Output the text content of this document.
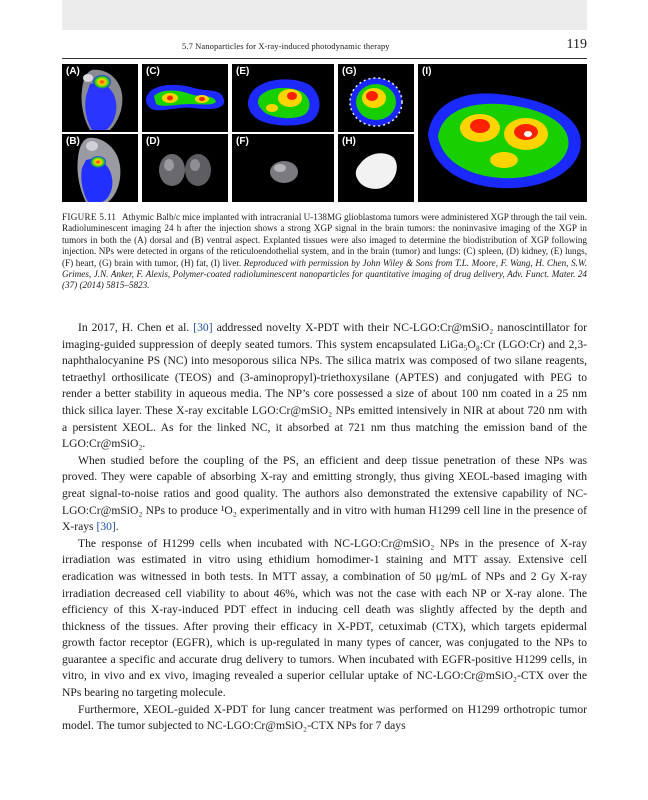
5.7 Nanoparticles for X-ray-induced photodynamic therapy	119
(A)
(B)
(C)
(D)
(E)
(F)
(G)
(H)
(I)
FIGURE 5.11 Athymic Balb/c mice implanted with intracranial U-138MG glioblastoma tumors were administered XGP through the tail vein. Radioluminescent imaging 24 h after the injection shows a strong XGP signal in the brain tumors: the noninvasive imaging of the XGP in tumors in both the (A) dorsal and (B) ventral aspect. Explanted tissues were also imaged to determine the biodistribution of XGP following injection. NPs were detected in organs of the reticuloendothelial system, and in the brain (tumor) and lungs: (C) spleen, (D) kidney, (E) lungs, (F) heart, (G) brain with tumor, (H) fat, (I) liver. Reproduced with permission by John Wiley & Sons from T.L. Moore, F. Wang, H. Chen, S.W. Grimes, J.N. Anker, F. Alexis, Polymer-coated radioluminescent nanoparticles for quantitative imaging of drug delivery, Adv. Funct. Mater. 24 (37) (2014) 5815–5823.

In 2017, H. Chen et al. [30] addressed novelty X-PDT with their NC-LGO:Cr@mSiO₂ nanoscintillator for imaging-guided suppression of deeply seated tumors. This system encapsulated LiGa₅O₈:Cr (LGO:Cr) and 2,3-naphthalocyanine PS (NC) into mesoporous silica NPs. The silica matrix was composed of two silane reagents, tetraethyl orthosilicate (TEOS) and (3-aminopropyl)-triethoxysilane (APTES) and conjugated with PEG to render a better stability in aqueous media. The NP’s core possessed a size of about 100 nm coated in a 25 nm thick silica layer. These X-ray excitable LGO:Cr@mSiO₂ NPs emitted intensively in NIR at about 720 nm with a persistent XEOL. As for the linked NC, it absorbed at 721 nm thus matching the emission band of the LGO:Cr@mSiO₂.

When studied before the coupling of the PS, an efficient and deep tissue penetration of these NPs was proved. They were capable of absorbing X-ray and emitting strongly, thus giving XEOL-based imaging with great signal-to-noise ratios and good quality. The authors also demonstrated the extensive capability of NC-LGO:Cr@mSiO₂ NPs to produce ¹O₂ experimentally and in vitro with human H1299 cell line in the presence of X-rays [30].

The response of H1299 cells when incubated with NC-LGO:Cr@mSiO₂ NPs in the presence of X-ray irradiation was estimated in vitro using ethidium homodimer-1 staining and MTT assay. Extensive cell eradication was witnessed in both tests. In MTT assay, a combination of 50 μg/mL of NPs and 2 Gy X-ray irradiation decreased cell viability to about 46%, which was not the case with each NP or X-ray alone. The efficiency of this X-ray-induced PDT effect in inducing cell death was slightly affected by the depth and thickness of the tissues. After proving their efficacy in X-PDT, cetuximab (CTX), which targets epidermal growth factor receptor (EGFR), which is up-regulated in many types of cancer, was conjugated to the NPs to guarantee a specific and accurate drug delivery to tumors. When incubated with EGFR-positive H1299 cells, in vitro, in vivo and ex vivo, imaging revealed a superior cellular uptake of NC-LGO:Cr@mSiO₂-CTX over the NPs bearing no targeting molecule.

Furthermore, XEOL-guided X-PDT for lung cancer treatment was performed on H1299 orthotropic tumor model. The tumor subjected to NC-LGO:Cr@mSiO₂-CTX NPs for 7 days
